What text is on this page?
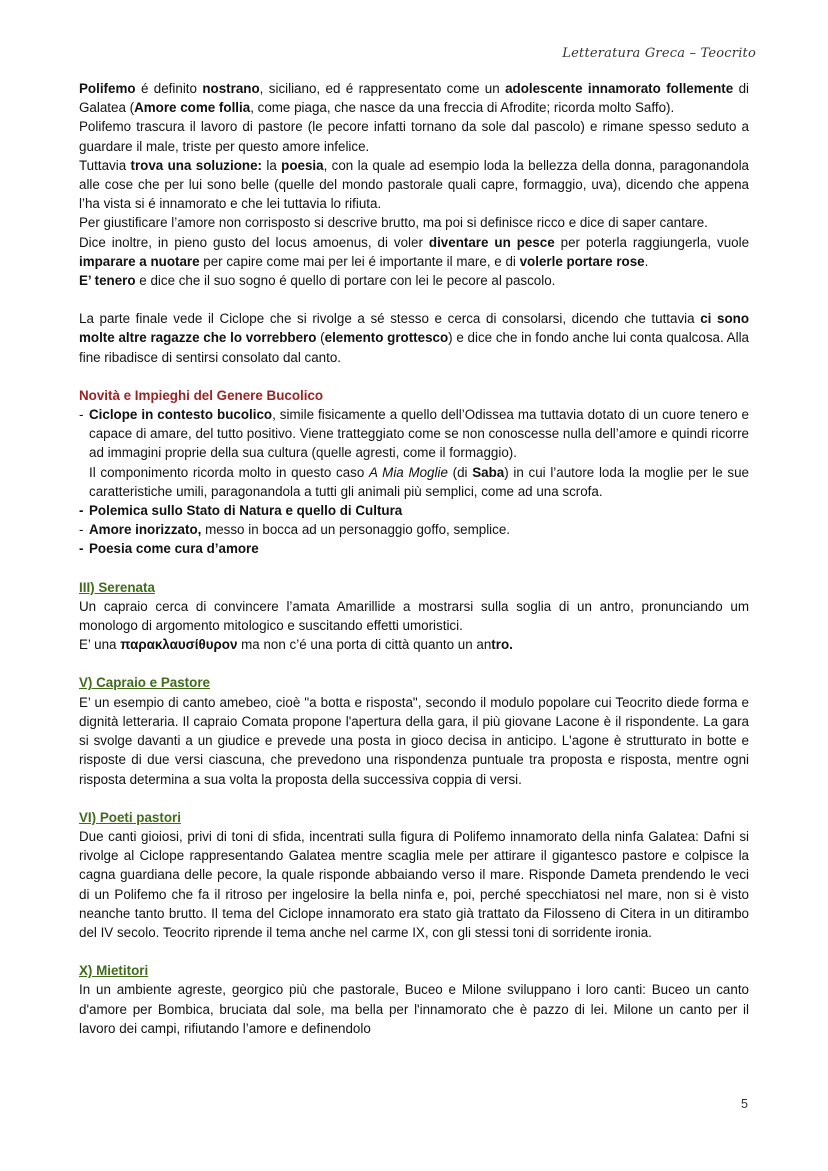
Letteratura Greca – Teocrito

Polifemo é definito nostrano, siciliano, ed é rappresentato come un adolescente innamorato follemente di Galatea (Amore come follia, come piaga, che nasce da una freccia di Afrodite; ricorda molto Saffo).

Polifemo trascura il lavoro di pastore (le pecore infatti tornano da sole dal pascolo) e rimane spesso seduto a guardare il male, triste per questo amore infelice.

Tuttavia trova una soluzione: la poesia, con la quale ad esempio loda la bellezza della donna, paragonandola alle cose che per lui sono belle (quelle del mondo pastorale quali capre, formaggio, uva), dicendo che appena l’ha vista si é innamorato e che lei tuttavia lo rifiuta.

Per giustificare l’amore non corrisposto si descrive brutto, ma poi si definisce ricco e dice di saper cantare.

Dice inoltre, in pieno gusto del locus amoenus, di voler diventare un pesce per poterla raggiungerla, vuole imparare a nuotare per capire come mai per lei é importante il mare, e di volerle portare rose.

E’ tenero e dice che il suo sogno é quello di portare con lei le pecore al pascolo.

La parte finale vede il Ciclope che si rivolge a sé stesso e cerca di consolarsi, dicendo che tuttavia ci sono molte altre ragazze che lo vorrebbero (elemento grottesco) e dice che in fondo anche lui conta qualcosa. Alla fine ribadisce di sentirsi consolato dal canto.

Novità e Impieghi del Genere Bucolico

- Ciclope in contesto bucolico, simile fisicamente a quello dell’Odissea ma tuttavia dotato di un cuore tenero e capace di amare, del tutto positivo. Viene tratteggiato come se non conoscesse nulla dell’amore e quindi ricorre ad immagini proprie della sua cultura (quelle agresti, come il formaggio).
Il componimento ricorda molto in questo caso A Mia Moglie (di Saba) in cui l’autore loda la moglie per le sue caratteristiche umili, paragonandola a tutti gli animali più semplici, come ad una scrofa.
- Polemica sullo Stato di Natura e quello di Cultura
- Amore inorizzato, messo in bocca ad un personaggio goffo, semplice.
- Poesia come cura d’amore

III) Serenata

Un capraio cerca di convincere l’amata Amarillide a mostrarsi sulla soglia di un antro, pronunciando um monologo di argomento mitologico e suscitando effetti umoristici.

E’ una παρακλαυσίθυρον ma non c’é una porta di città quanto un antro.

V) Capraio e Pastore

E’ un esempio di canto amebeo, cioè "a botta e risposta", secondo il modulo popolare cui Teocrito diede forma e dignità letteraria. Il capraio Comata propone l'apertura della gara, il più giovane Lacone è il rispondente. La gara si svolge davanti a un giudice e prevede una posta in gioco decisa in anticipo. L'agone è strutturato in botte e risposte di due versi ciascuna, che prevedono una rispondenza puntuale tra proposta e risposta, mentre ogni risposta determina a sua volta la proposta della successiva coppia di versi.

VI) Poeti pastori

Due canti gioiosi, privi di toni di sfida, incentrati sulla figura di Polifemo innamorato della ninfa Galatea: Dafni si rivolge al Ciclope rappresentando Galatea mentre scaglia mele per attirare il gigantesco pastore e colpisce la cagna guardiana delle pecore, la quale risponde abbaiando verso il mare. Risponde Dameta prendendo le veci di un Polifemo che fa il ritroso per ingelosire la bella ninfa e, poi, perché specchiatosi nel mare, non si è visto neanche tanto brutto. Il tema del Ciclope innamorato era stato già trattato da Filosseno di Citera in un ditirambo del IV secolo. Teocrito riprende il tema anche nel carme IX, con gli stessi toni di sorridente ironia.

X) Mietitori

In un ambiente agreste, georgico più che pastorale, Buceo e Milone sviluppano i loro canti: Buceo un canto d'amore per Bombica, bruciata dal sole, ma bella per l'innamorato che è pazzo di lei. Milone un canto per il lavoro dei campi, rifiutando l’amore e definendolo

5
